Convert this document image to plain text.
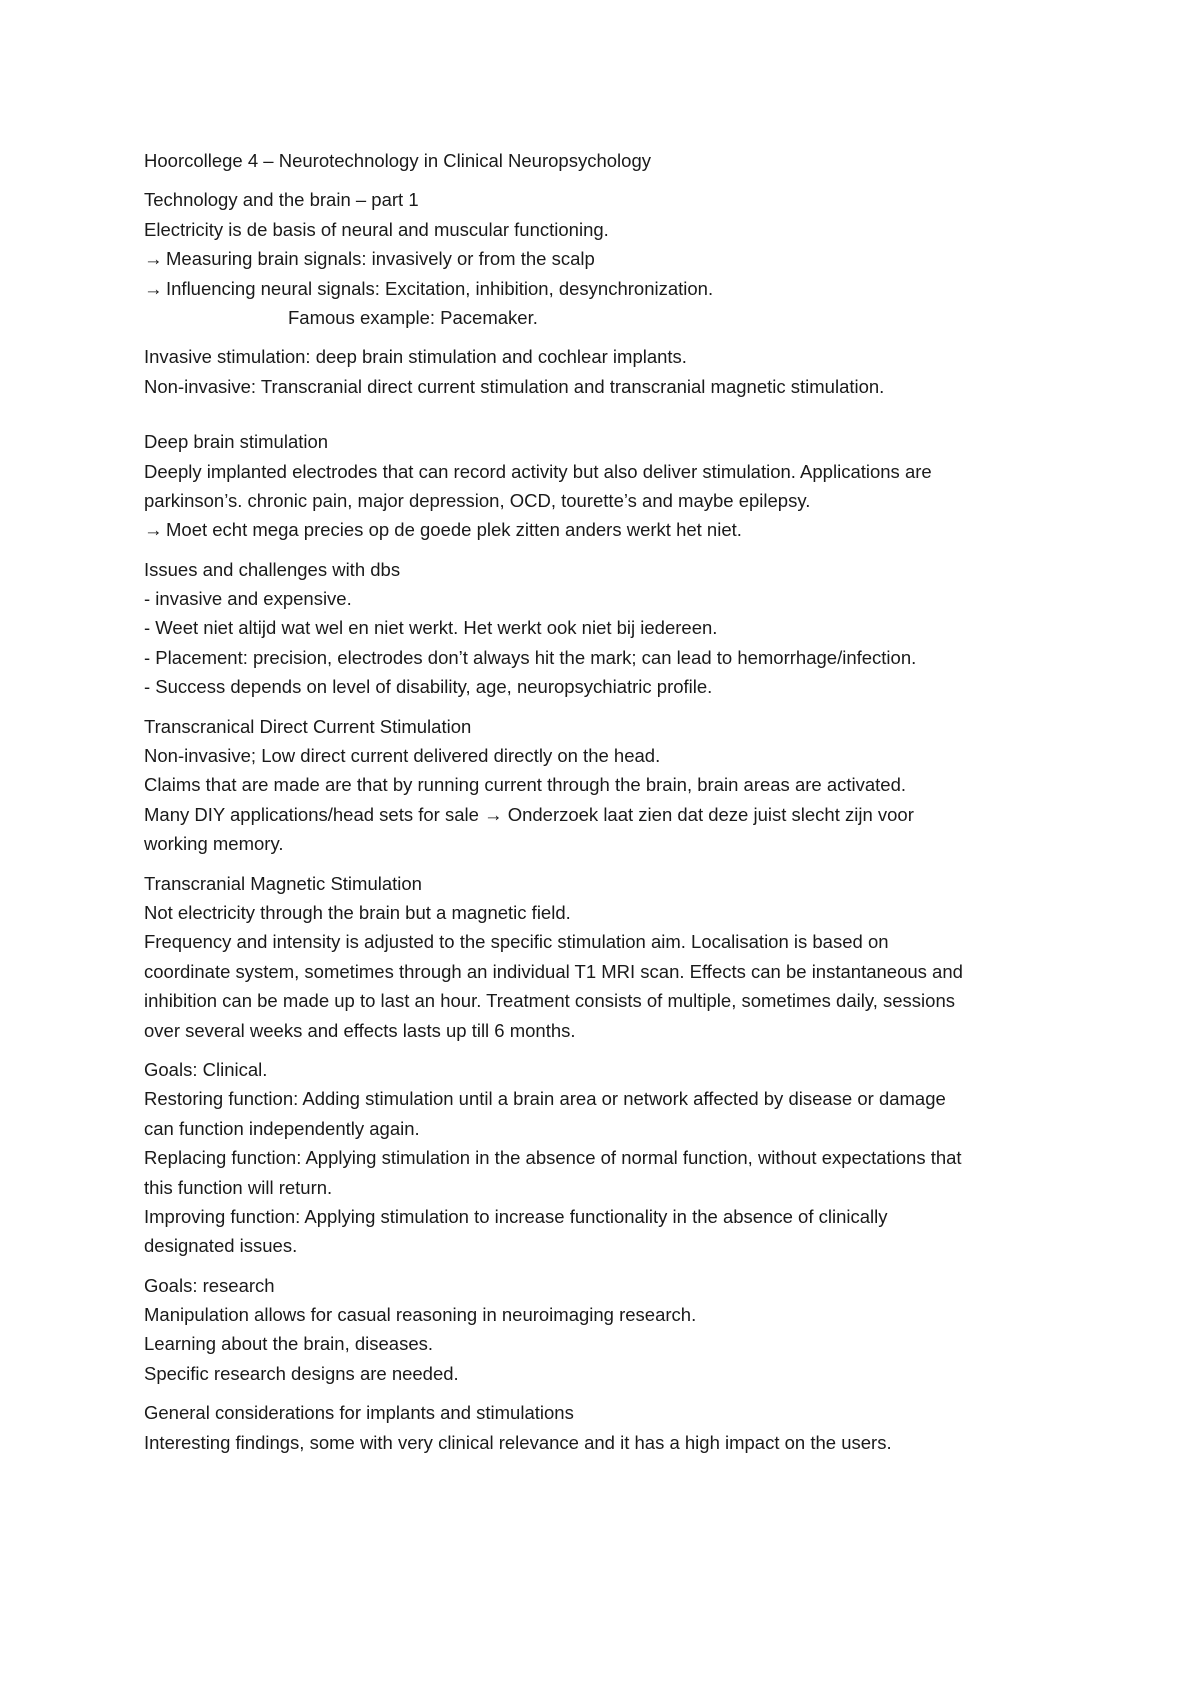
Hoorcollege 4 – Neurotechnology in Clinical Neuropsychology
Technology and the brain – part 1
Electricity is de basis of neural and muscular functioning.
→ Measuring brain signals: invasively or from the scalp
→ Influencing neural signals: Excitation, inhibition, desynchronization.
Famous example: Pacemaker.
Invasive stimulation: deep brain stimulation and cochlear implants.
Non-invasive: Transcranial direct current stimulation and transcranial magnetic stimulation.
Deep brain stimulation
Deeply implanted electrodes that can record activity but also deliver stimulation. Applications are
parkinson’s. chronic pain, major depression, OCD, tourette’s and maybe epilepsy.
→ Moet echt mega precies op de goede plek zitten anders werkt het niet.
Issues and challenges with dbs
- invasive and expensive.
- Weet niet altijd wat wel en niet werkt. Het werkt ook niet bij iedereen.
- Placement: precision, electrodes don’t always hit the mark; can lead to hemorrhage/infection.
- Success depends on level of disability, age, neuropsychiatric profile.
Transcranical Direct Current Stimulation
Non-invasive; Low direct current delivered directly on the head.
Claims that are made are that by running current through the brain, brain areas are activated.
Many DIY applications/head sets for sale → Onderzoek laat zien dat deze juist slecht zijn voor
working memory.
Transcranial Magnetic Stimulation
Not electricity through the brain but a magnetic field.
Frequency and intensity is adjusted to the specific stimulation aim. Localisation is based on
coordinate system, sometimes through an individual T1 MRI scan. Effects can be instantaneous and
inhibition can be made up to last an hour. Treatment consists of multiple, sometimes daily, sessions
over several weeks and effects lasts up till 6 months.
Goals: Clinical.
Restoring function: Adding stimulation until a brain area or network affected by disease or damage
can function independently again.
Replacing function: Applying stimulation in the absence of normal function, without expectations that
this function will return.
Improving function: Applying stimulation to increase functionality in the absence of clinically
designated issues.
Goals: research
Manipulation allows for casual reasoning in neuroimaging research.
Learning about the brain, diseases.
Specific research designs are needed.
General considerations for implants and stimulations
Interesting findings, some with very clinical relevance and it has a high impact on the users.
